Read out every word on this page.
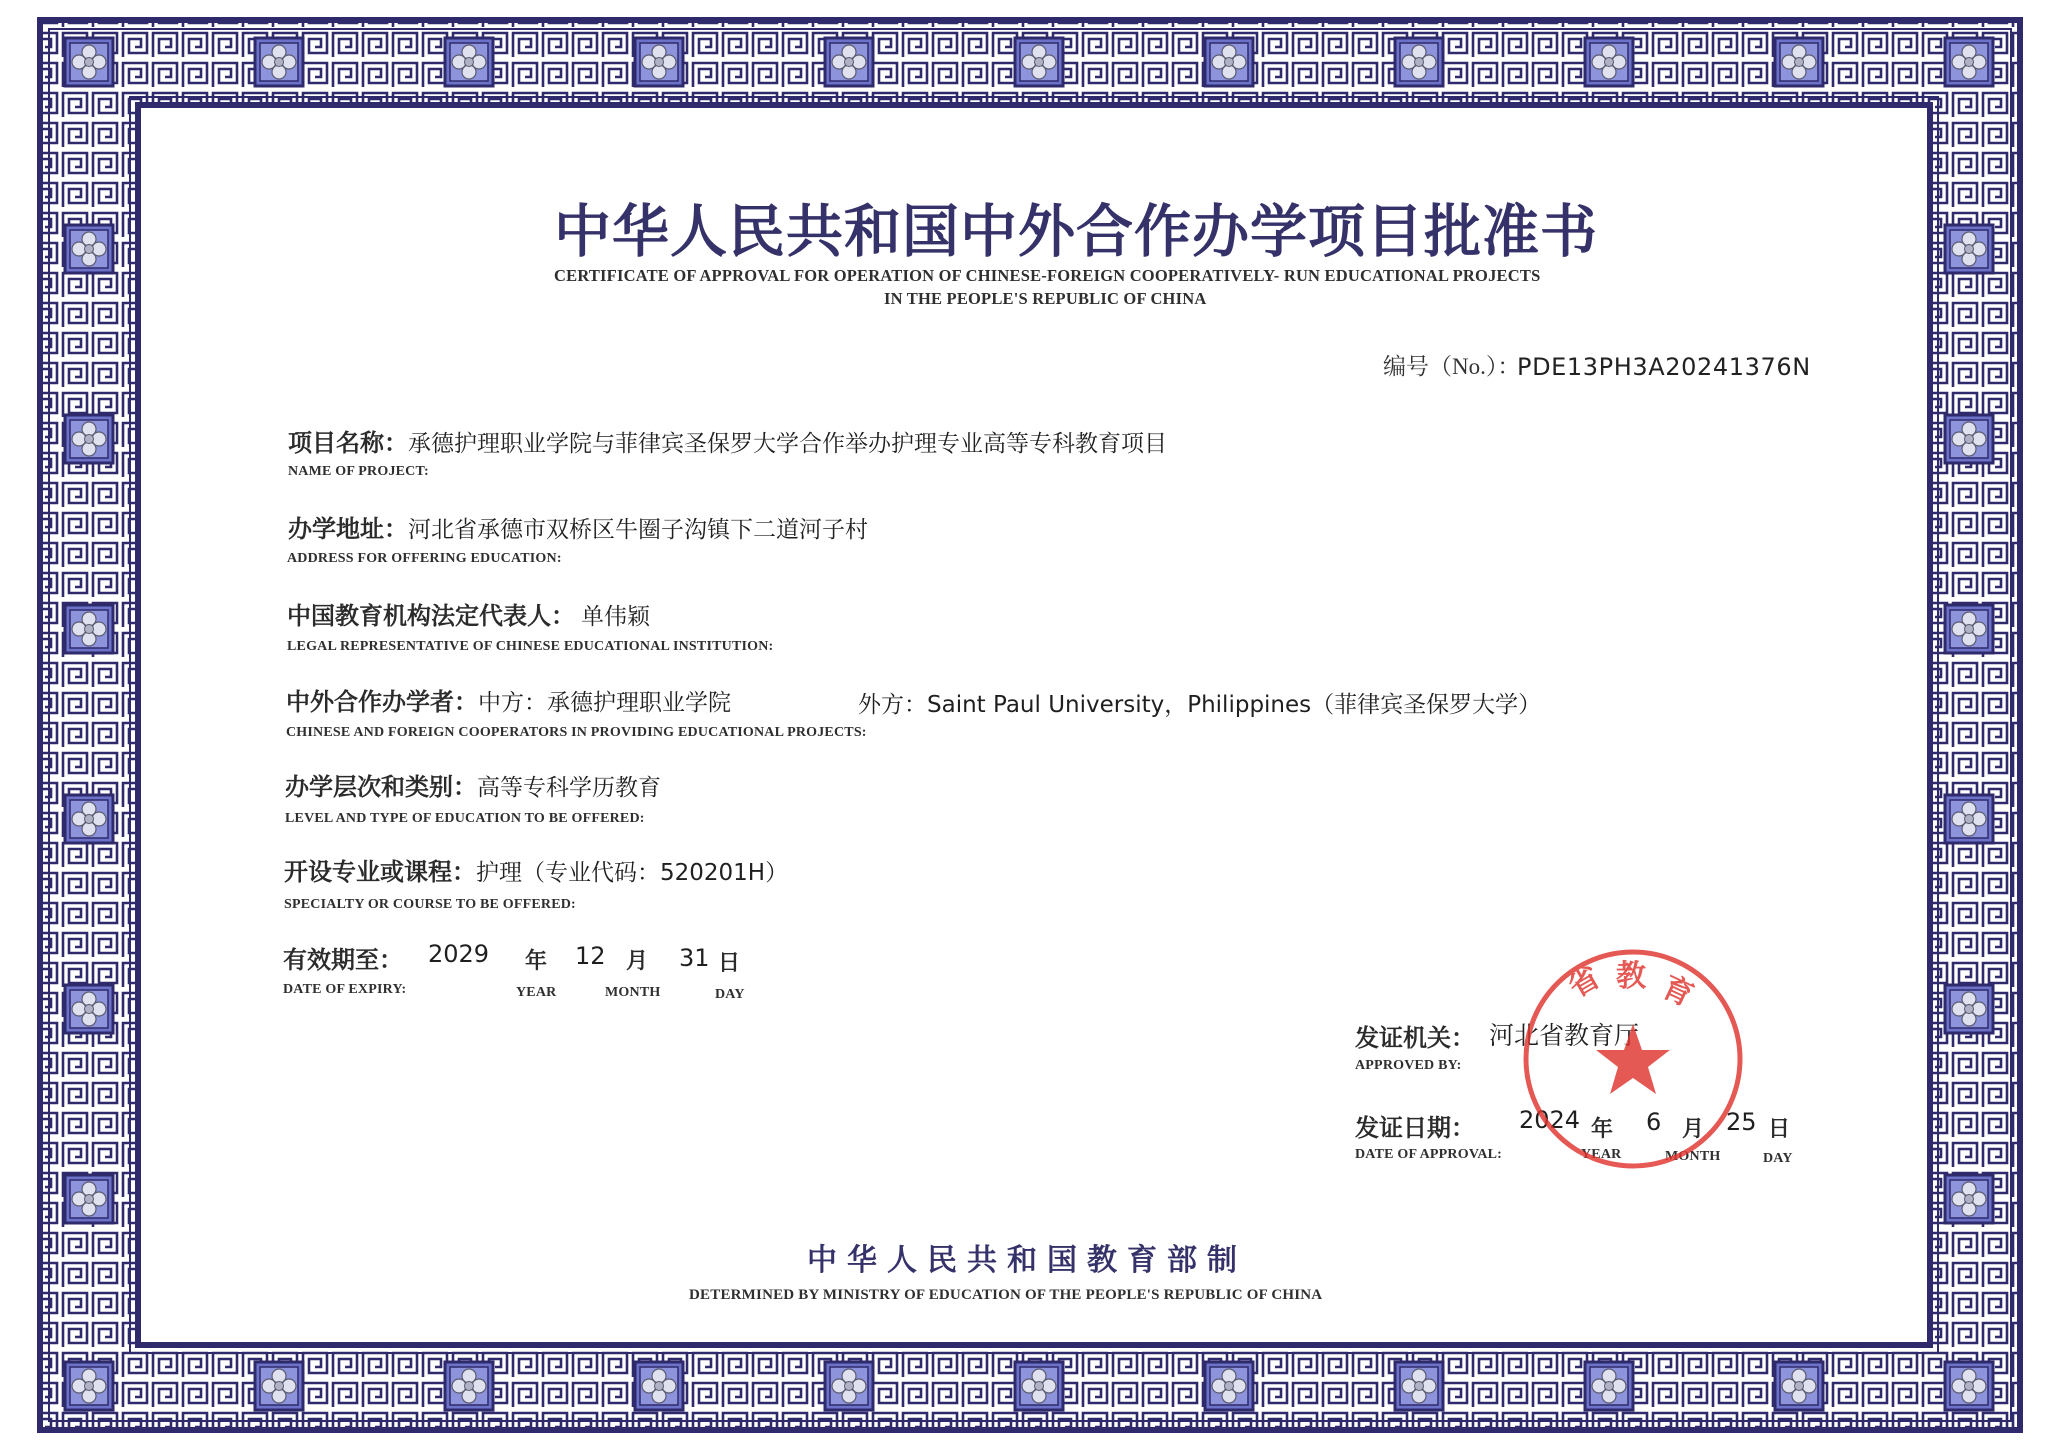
中华人民共和国中外合作办学项目批准书
CERTIFICATE OF APPROVAL FOR OPERATION OF CHINESE-FOREIGN COOPERATIVELY- RUN EDUCATIONAL PROJECTS
IN THE PEOPLE'S REPUBLIC OF CHINA
编号（No.）：
PDE13PH3A20241376N
项目名称：承德护理职业学院与菲律宾圣保罗大学合作举办护理专业高等专科教育项目
NAME OF PROJECT:
办学地址：河北省承德市双桥区牛圈子沟镇下二道河子村
ADDRESS FOR OFFERING EDUCATION:
中国教育机构法定代表人： 单伟颖
LEGAL REPRESENTATIVE OF CHINESE EDUCATIONAL INSTITUTION:
中外合作办学者：中方：承德护理职业学院	外方：Saint Paul University，Philippines（菲律宾圣保罗大学）
CHINESE AND FOREIGN COOPERATORS IN PROVIDING EDUCATIONAL PROJECTS:
办学层次和类别：高等专科学历教育
LEVEL AND TYPE OF EDUCATION TO BE OFFERED:
开设专业或课程：护理（专业代码：520201H）
SPECIALTY OR COURSE TO BE OFFERED:
有效期至： 2029 年 12 月 31 日
DATE OF EXPIRY:	YEAR	MONTH	DAY
发证机关： 河北省教育厅
APPROVED BY:
发证日期： 2024 年 6 月 25 日
DATE OF APPROVAL:	YEAR	MONTH	DAY
省 教 育
中华人民共和国教育部制
DETERMINED BY MINISTRY OF EDUCATION OF THE PEOPLE'S REPUBLIC OF CHINA
